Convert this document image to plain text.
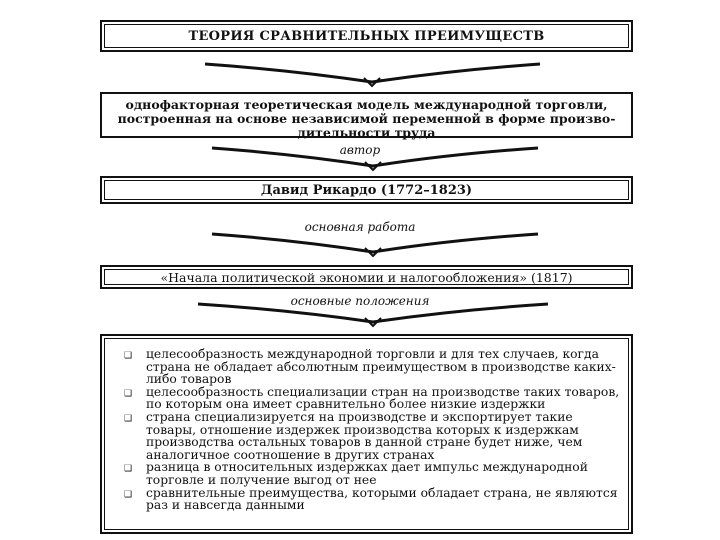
ТЕОРИЯ СРАВНИТЕЛЬНЫХ ПРЕИМУЩЕСТВ
однофакторная теоретическая модель международной торговли,
построенная на основе независимой переменной в форме произво-
дительности труда
автор
Давид Рикардо (1772–1823)
основная работа
«Начала политической экономии и налогообложения» (1817)
основные положения
❑ целесообразность международной торговли и для тех случаев, когда страна не обладает абсолютным преимуществом в производстве каких-либо товаров
❑ целесообразность специализации стран на производстве таких товаров, по которым она имеет сравнительно более низкие издержки
❑ страна специализируется на производстве и экспортирует такие товары, отношение издержек производства которых к издержкам производства остальных товаров в данной стране будет ниже, чем аналогичное соотношение в других странах
❑ разница в относительных издержках дает импульс международной торговле и получение выгод от нее
❑ сравнительные преимущества, которыми обладает страна, не являются раз и навсегда данными
